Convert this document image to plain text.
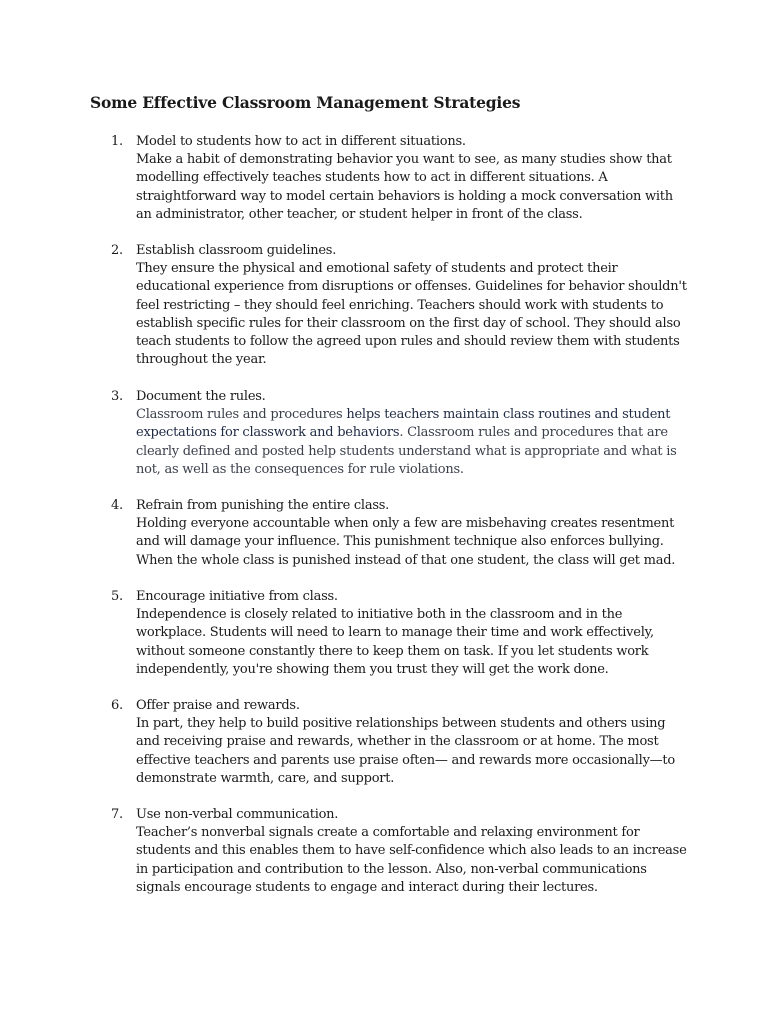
Some Effective Classroom Management Strategies
1.	Model to students how to act in different situations.
Make a habit of demonstrating behavior you want to see, as many studies show that modelling effectively teaches students how to act in different situations. A straightforward way to model certain behaviors is holding a mock conversation with an administrator, other teacher, or student helper in front of the class.
2.	Establish classroom guidelines.
They ensure the physical and emotional safety of students and protect their educational experience from disruptions or offenses. Guidelines for behavior shouldn't feel restricting – they should feel enriching. Teachers should work with students to establish specific rules for their classroom on the first day of school. They should also teach students to follow the agreed upon rules and should review them with students throughout the year.
3.	Document the rules.
Classroom rules and procedures helps teachers maintain class routines and student expectations for classwork and behaviors. Classroom rules and procedures that are clearly defined and posted help students understand what is appropriate and what is not, as well as the consequences for rule violations.
4.	Refrain from punishing the entire class.
Holding everyone accountable when only a few are misbehaving creates resentment and will damage your influence. This punishment technique also enforces bullying. When the whole class is punished instead of that one student, the class will get mad.
5.	Encourage initiative from class.
Independence is closely related to initiative both in the classroom and in the workplace. Students will need to learn to manage their time and work effectively, without someone constantly there to keep them on task. If you let students work independently, you're showing them you trust they will get the work done.
6.	Offer praise and rewards.
In part, they help to build positive relationships between students and others using and receiving praise and rewards, whether in the classroom or at home. The most effective teachers and parents use praise often— and rewards more occasionally—to demonstrate warmth, care, and support.
7.	Use non-verbal communication.
Teacher’s nonverbal signals create a comfortable and relaxing environment for students and this enables them to have self-confidence which also leads to an increase in participation and contribution to the lesson. Also, non-verbal communications signals encourage students to engage and interact during their lectures.
